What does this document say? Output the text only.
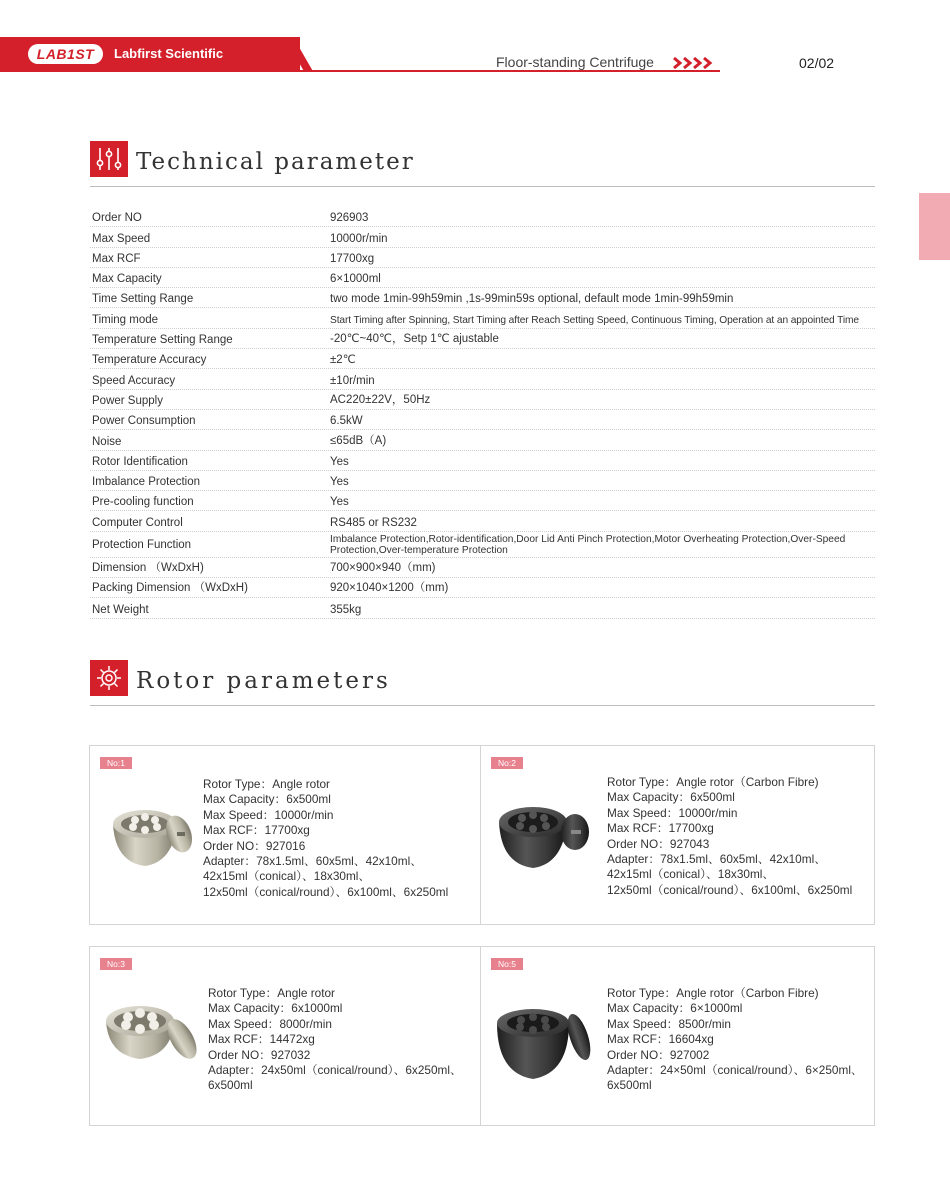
LAB1ST	Labfirst Scientific
Floor-standing Centrifuge	02/02
Technical parameter
Order NO	926903
Max Speed	10000r/min
Max RCF	17700xg
Max Capacity	6×1000ml
Time Setting Range	two mode 1min-99h59min ,1s-99min59s optional, default mode 1min-99h59min
Timing mode	Start Timing after Spinning, Start Timing after Reach Setting Speed, Continuous Timing, Operation at an appointed Time
Temperature Setting Range	-20℃~40℃，Setp 1℃ ajustable
Temperature Accuracy	±2℃
Speed Accuracy	±10r/min
Power Supply	AC220±22V，50Hz
Power Consumption	6.5kW
Noise	≤65dB（A)
Rotor Identification	Yes
Imbalance Protection	Yes
Pre-cooling function	Yes
Computer Control	RS485 or RS232
Protection Function	Imbalance Protection,Rotor-identification,Door Lid Anti Pinch Protection,Motor Overheating Protection,Over-Speed Protection,Over-temperature Protection
Dimension （WxDxH)	700×900×940（mm)
Packing Dimension （WxDxH)	920×1040×1200（mm)
Net Weight	355kg
Rotor parameters
No:1
Rotor Type：Angle rotor
Max Capacity：6x500ml
Max Speed：10000r/min
Max RCF：17700xg
Order NO：927016
Adapter：78x1.5ml、60x5ml、42x10ml、
42x15ml（conical）、18x30ml、
12x50ml（conical/round）、6x100ml、6x250ml
No:2
Rotor Type：Angle rotor（Carbon Fibre)
Max Capacity：6x500ml
Max Speed：10000r/min
Max RCF：17700xg
Order NO：927043
Adapter：78x1.5ml、60x5ml、42x10ml、
42x15ml（conical）、18x30ml、
12x50ml（conical/round）、6x100ml、6x250ml
No:3
Rotor Type：Angle rotor
Max Capacity：6x1000ml
Max Speed：8000r/min
Max RCF：14472xg
Order NO：927032
Adapter：24x50ml（conical/round）、6x250ml、
6x500ml
No:5
Rotor Type：Angle rotor（Carbon Fibre)
Max Capacity：6×1000ml
Max Speed：8500r/min
Max RCF：16604xg
Order NO：927002
Adapter：24×50ml（conical/round）、6×250ml、
6x500ml
